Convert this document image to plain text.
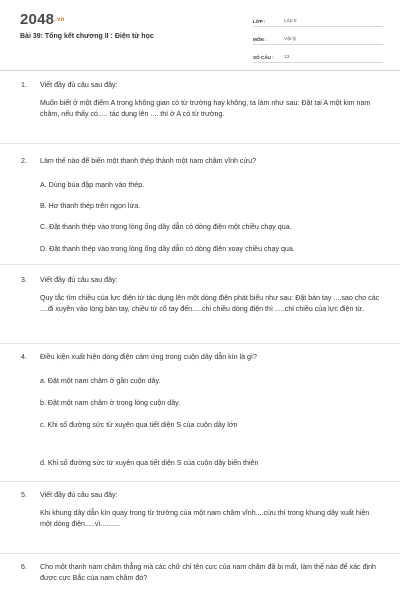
2048.vn
Bài 39: Tổng kết chương II : Điện từ học
LỚP :	Lớp 9
MÔN :	Vật lý
SỐ CÂU :	13
1.	Viết đầy đủ câu sau đây:
Muốn biết ở một điểm A trong không gian có từ trường hay không, ta làm như sau: Đặt tại A một kim nam châm, nếu thấy có..... tác dụng lên .... thì ở A có từ trường.
2.	Làm thế nào để biến một thanh thép thành một nam châm vĩnh cửu?
A. Dùng búa đập mạnh vào thép.
B. Hơ thanh thép trên ngọn lửa.
C. Đặt thanh thép vào trong lòng ống dây dẫn có dòng điện một chiều chạy qua.
D. Đặt thanh thép vào trong lòng ống dây dẫn có dòng điên xoay chiều chạy qua.
3.	Viết đầy đủ câu sau đây:
Quy tắc tìm chiều của lực điện từ tác dụng lên một dòng điện phát biểu như sau: Đặt bàn tay ....sao cho các ....đi xuyên vào lòng bàn tay, chiều từ cổ tay đến.....chỉ chiều dòng điện thì .....chỉ chiều của lực điện từ.
4.	Điều kiện xuất hiện dòng điện cảm ứng trong cuộn dây dẫn kín là gì?
a. Đặt một nam châm ở gần cuộn dây.
b. Đặt một nam châm ở trong lòng cuộn dây.
c. Khi số đường sức từ xuyên qua tiết diện S của cuộn dây lớn
d. Khi số đường sức từ xuyên qua tiết diện S của cuộn dây biến thiên
5.	Viết đầy đủ câu sau đây:
Khi khung dây dẫn kín quay trong từ trường của một nam châm vĩnh....cửu thì trong khung dây xuất hiện một dòng điện.....vì..........
6.	Cho một thanh nam châm thẳng mà các chữ chỉ tên cực của nam châm đã bị mất, làm thế nào để xác định được cực Bắc của nam châm đó?
